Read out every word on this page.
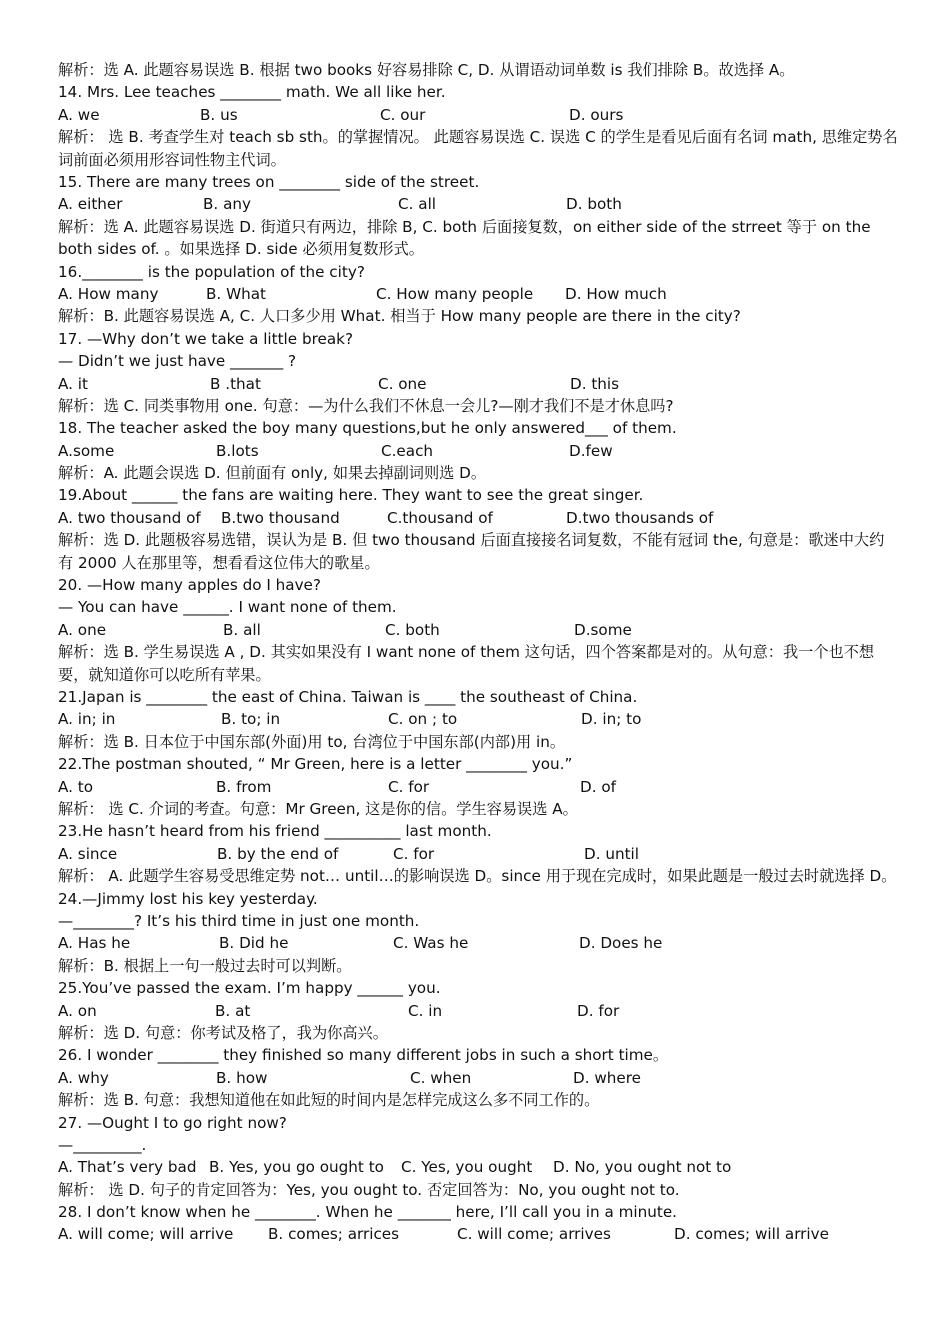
解析：选 A. 此题容易误选 B. 根据 two books 好容易排除 C, D. 从谓语动词单数 is 我们排除 B。故选择 A。
14. Mrs. Lee teaches ________ math. We all like her.
A. we	B. us	C. our	D. ours
解析： 选 B. 考查学生对 teach sb sth。的掌握情况。 此题容易误选 C. 误选 C 的学生是看见后面有名词 math, 思维定势名词前面必须用形容词性物主代词。
15. There are many trees on ________ side of the street.
A. either	B. any	C. all	D. both
解析：选 A. 此题容易误选 D. 街道只有两边，排除 B, C. both 后面接复数，on either side of the strreet 等于 on the both sides of. 。如果选择 D. side 必须用复数形式。
16.________ is the population of the city?
A. How many	B. What	C. How many people D. How much
解析：B. 此题容易误选 A, C. 人口多少用 What. 相当于 How many people are there in the city?
17. —Why don’t we take a little break?
— Didn’t we just have _______ ?
A. it	B .that	C. one	D. this
解析：选 C. 同类事物用 one. 句意：—为什么我们不休息一会儿?—刚才我们不是才休息吗?
18. The teacher asked the boy many questions,but he only answered___ of them.
A.some	B.lots	C.each	D.few
解析：A. 此题会误选 D. 但前面有 only, 如果去掉副词则选 D。
19.About ______ the fans are waiting here. They want to see the great singer.
A. two thousand of B.two thousand	C.thousand of	D.two thousands of
解析：选 D. 此题极容易选错，误认为是 B. 但 two thousand 后面直接接名词复数，不能有冠词 the, 句意是：歌迷中大约有 2000 人在那里等，想看看这位伟大的歌星。
20. —How many apples do I have?
— You can have ______. I want none of them.
A. one	B. all	C. both	D.some
解析：选 B. 学生易误选 A , D. 其实如果没有 I want none of them 这句话，四个答案都是对的。从句意：我一个也不想要，就知道你可以吃所有苹果。
21.Japan is ________ the east of China. Taiwan is ____ the southeast of China.
A. in; in	B. to; in	C. on ; to	D. in; to
解析：选 B. 日本位于中国东部(外面)用 to, 台湾位于中国东部(内部)用 in。
22.The postman shouted, “ Mr Green, here is a letter ________ you.”
A. to	B. from	C. for	D. of
解析： 选 C. 介词的考查。句意：Mr Green, 这是你的信。学生容易误选 A。
23.He hasn’t heard from his friend __________ last month.
A. since	B. by the end of	C. for	D. until
解析： A. 此题学生容易受思维定势 not… until…的影响误选 D。since 用于现在完成时，如果此题是一般过去时就选择 D。
24.—Jimmy lost his key yesterday.
—________? It’s his third time in just one month.
A. Has he	B. Did he	C. Was he	D. Does he
解析：B. 根据上一句一般过去时可以判断。
25.You’ve passed the exam. I’m happy ______ you.
A. on	B. at	C. in	D. for
解析：选 D. 句意：你考试及格了，我为你高兴。
26. I wonder ________ they finished so many different jobs in such a short time。
A. why	B. how	C. when	D. where
解析：选 B. 句意：我想知道他在如此短的时间内是怎样完成这么多不同工作的。
27. —Ought I to go right now?
—_________.
A. That’s very bad B. Yes, you go ought to C. Yes, you ought D. No, you ought not to
解析： 选 D. 句子的肯定回答为：Yes, you ought to. 否定回答为：No, you ought not to.
28. I don’t know when he ________. When he _______ here, I’ll call you in a minute.
A. will come; will arrive B. comes; arrices	C. will come; arrives	D. comes; will arrive
